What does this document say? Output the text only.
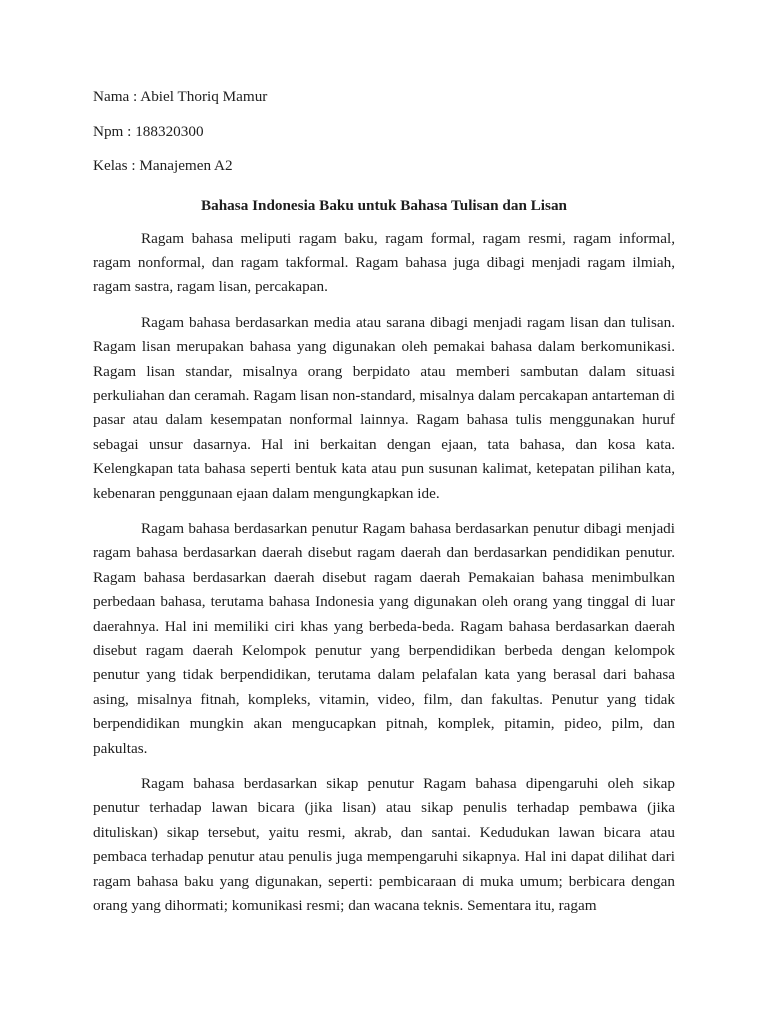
Nama : Abiel Thoriq Mamur
Npm : 188320300
Kelas : Manajemen A2
Bahasa Indonesia Baku untuk Bahasa Tulisan dan Lisan

Ragam bahasa meliputi ragam baku, ragam formal, ragam resmi, ragam informal, ragam nonformal, dan ragam takformal. Ragam bahasa juga dibagi menjadi ragam ilmiah, ragam sastra, ragam lisan, percakapan.

Ragam bahasa berdasarkan media atau sarana dibagi menjadi ragam lisan dan tulisan. Ragam lisan merupakan bahasa yang digunakan oleh pemakai bahasa dalam berkomunikasi. Ragam lisan standar, misalnya orang berpidato atau memberi sambutan dalam situasi perkuliahan dan ceramah. Ragam lisan non-standard, misalnya dalam percakapan antarteman di pasar atau dalam kesempatan nonformal lainnya. Ragam bahasa tulis menggunakan huruf sebagai unsur dasarnya. Hal ini berkaitan dengan ejaan, tata bahasa, dan kosa kata. Kelengkapan tata bahasa seperti bentuk kata atau pun susunan kalimat, ketepatan pilihan kata, kebenaran penggunaan ejaan dalam mengungkapkan ide.

Ragam bahasa berdasarkan penutur Ragam bahasa berdasarkan penutur dibagi menjadi ragam bahasa berdasarkan daerah disebut ragam daerah dan berdasarkan pendidikan penutur. Ragam bahasa berdasarkan daerah disebut ragam daerah Pemakaian bahasa menimbulkan perbedaan bahasa, terutama bahasa Indonesia yang digunakan oleh orang yang tinggal di luar daerahnya. Hal ini memiliki ciri khas yang berbeda-beda. Ragam bahasa berdasarkan daerah disebut ragam daerah Kelompok penutur yang berpendidikan berbeda dengan kelompok penutur yang tidak berpendidikan, terutama dalam pelafalan kata yang berasal dari bahasa asing, misalnya fitnah, kompleks, vitamin, video, film, dan fakultas. Penutur yang tidak berpendidikan mungkin akan mengucapkan pitnah, komplek, pitamin, pideo, pilm, dan pakultas.

Ragam bahasa berdasarkan sikap penutur Ragam bahasa dipengaruhi oleh sikap penutur terhadap lawan bicara (jika lisan) atau sikap penulis terhadap pembawa (jika dituliskan) sikap tersebut, yaitu resmi, akrab, dan santai. Kedudukan lawan bicara atau pembaca terhadap penutur atau penulis juga mempengaruhi sikapnya. Hal ini dapat dilihat dari ragam bahasa baku yang digunakan, seperti: pembicaraan di muka umum; berbicara dengan orang yang dihormati; komunikasi resmi; dan wacana teknis. Sementara itu, ragam
